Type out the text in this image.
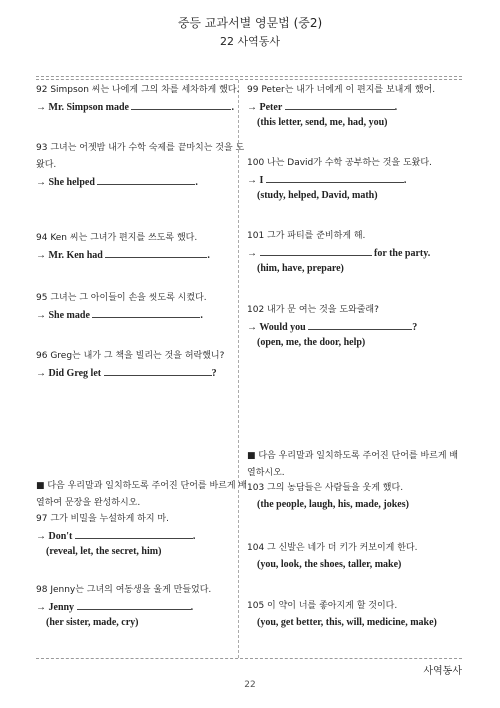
중등 교과서별 영문법 (중2)
22 사역동사
92 Simpson 씨는 나에게 그의 차를 세차하게 했다.
→ Mr. Simpson made	.
93 그녀는 어젯밤 내가 수학 숙제를 끝마치는 것을 도
왔다.
→ She helped	.
94 Ken 씨는 그녀가 편지를 쓰도록 했다.
→ Mr. Ken had	.
95 그녀는 그 아이들이 손을 씻도록 시켰다.
→ She made	.
96 Greg는 내가 그 책을 빌리는 것을 허락했니?
→ Did Greg let	?
■ 다음 우리말과 일치하도록 주어진 단어를 바르게 배
열하여 문장을 완성하시오.
97 그가 비밀을 누설하게 하지 마.
→ Don't	.
(reveal, let, the secret, him)
98 Jenny는 그녀의 여동생을 울게 만들었다.
→ Jenny	.
(her sister, made, cry)
99 Peter는 내가 너에게 이 편지를 보내게 했어.
→ Peter	.
(this letter, send, me, had, you)
100 나는 David가 수학 공부하는 것을 도왔다.
→ I	.
(study, helped, David, math)
101 그가 파티를 준비하게 해.
→	for the party.
(him, have, prepare)
102 내가 문 여는 것을 도와줄래?
→ Would you	?
(open, me, the door, help)
■ 다음 우리말과 일치하도록 주어진 단어를 바르게 배
열하시오.
103 그의 농담들은 사람들을 웃게 했다.
(the people, laugh, his, made, jokes)
104 그 신발은 네가 더 키가 커보이게 한다.
(you, look, the shoes, taller, make)
105 이 약이 너를 좋아지게 할 것이다.
(you, get better, this, will, medicine, make)
사역동사
22
